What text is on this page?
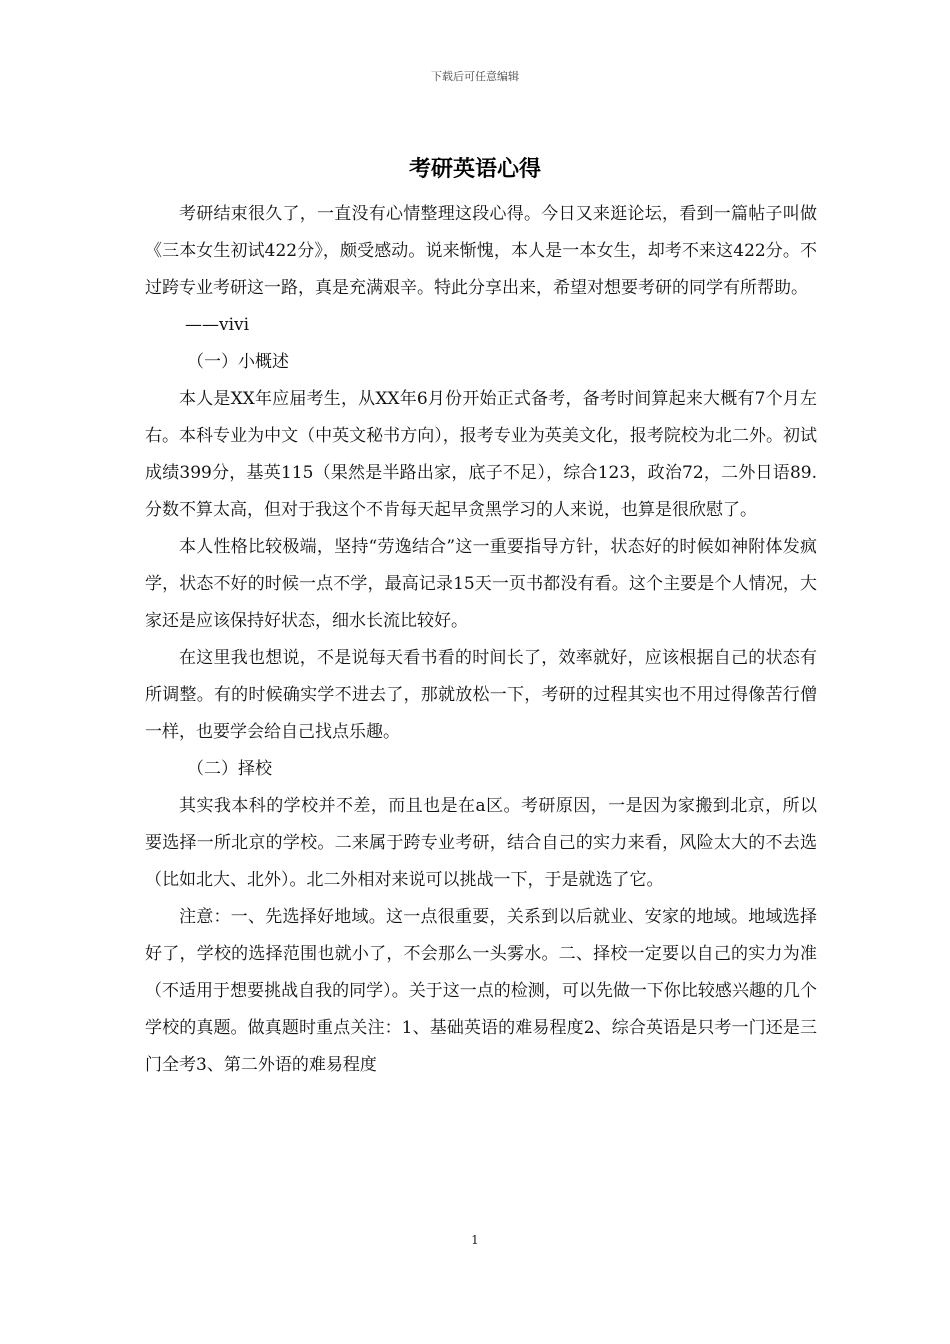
下载后可任意编辑
考研英语心得

考研结束很久了，一直没有心情整理这段心得。今日又来逛论坛，看到一篇帖子叫做《三本女生初试422分》，颇受感动。说来惭愧，本人是一本女生，却考不来这422分。不过跨专业考研这一路，真是充满艰辛。特此分享出来，希望对想要考研的同学有所帮助。

——vivi

（一）小概述

本人是XX年应届考生，从XX年6月份开始正式备考，备考时间算起来大概有7个月左右。本科专业为中文（中英文秘书方向），报考专业为英美文化，报考院校为北二外。初试成绩399分，基英115（果然是半路出家，底子不足），综合123，政治72，二外日语89.分数不算太高，但对于我这个不肯每天起早贪黑学习的人来说，也算是很欣慰了。

本人性格比较极端，坚持“劳逸结合”这一重要指导方针，状态好的时候如神附体发疯学，状态不好的时候一点不学，最高记录15天一页书都没有看。这个主要是个人情况，大家还是应该保持好状态，细水长流比较好。

在这里我也想说，不是说每天看书看的时间长了，效率就好，应该根据自己的状态有所调整。有的时候确实学不进去了，那就放松一下，考研的过程其实也不用过得像苦行僧一样，也要学会给自己找点乐趣。

（二）择校

其实我本科的学校并不差，而且也是在a区。考研原因，一是因为家搬到北京，所以要选择一所北京的学校。二来属于跨专业考研，结合自己的实力来看，风险太大的不去选（比如北大、北外）。北二外相对来说可以挑战一下，于是就选了它。

注意：一、先选择好地域。这一点很重要，关系到以后就业、安家的地域。地域选择好了，学校的选择范围也就小了，不会那么一头雾水。二、择校一定要以自己的实力为准（不适用于想要挑战自我的同学）。关于这一点的检测，可以先做一下你比较感兴趣的几个学校的真题。做真题时重点关注：1、基础英语的难易程度2、综合英语是只考一门还是三门全考3、第二外语的难易程度

1
